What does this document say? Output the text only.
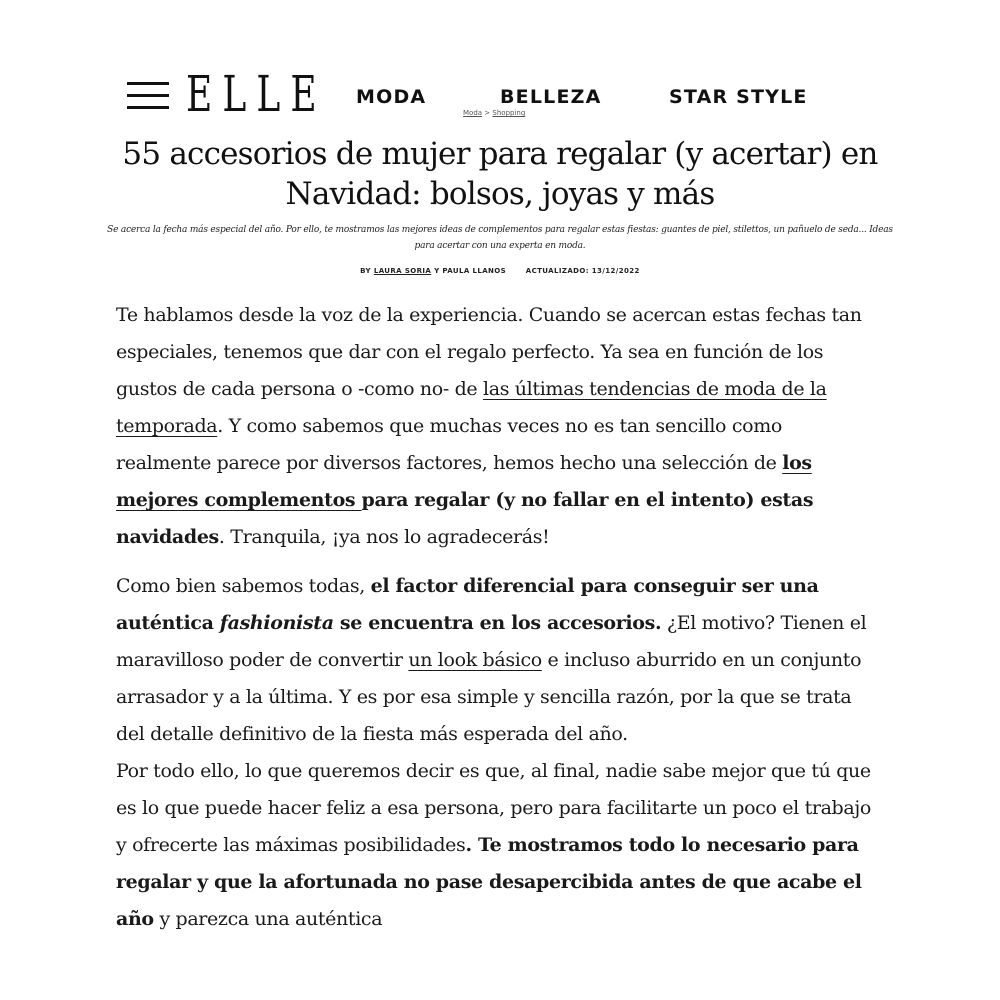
ELLE MODA	BELLEZA	STAR STYLE
Moda > Shopping
55 accesorios de mujer para regalar (y acertar) en Navidad: bolsos, joyas y más
Se acerca la fecha más especial del año. Por ello, te mostramos las mejores ideas de complementos para regalar estas fiestas: guantes de piel, stilettos, un pañuelo de seda... Ideas para acertar con una experta en moda.
BY LAURA SORIA Y PAULA LLANOS	ACTUALIZADO: 13/12/2022

Te hablamos desde la voz de la experiencia. Cuando se acercan estas fechas tan especiales, tenemos que dar con el regalo perfecto. Ya sea en función de los gustos de cada persona o -como no- de las últimas tendencias de moda de la temporada. Y como sabemos que muchas veces no es tan sencillo como realmente parece por diversos factores, hemos hecho una selección de los mejores complementos para regalar (y no fallar en el intento) estas navidades. Tranquila, ¡ya nos lo agradecerás!

Como bien sabemos todas, el factor diferencial para conseguir ser una auténtica fashionista se encuentra en los accesorios. ¿El motivo? Tienen el maravilloso poder de convertir un look básico e incluso aburrido en un conjunto arrasador y a la última. Y es por esa simple y sencilla razón, por la que se trata del detalle definitivo de la fiesta más esperada del año.

Por todo ello, lo que queremos decir es que, al final, nadie sabe mejor que tú que es lo que puede hacer feliz a esa persona, pero para facilitarte un poco el trabajo y ofrecerte las máximas posibilidades. Te mostramos todo lo necesario para regalar y que la afortunada no pase desapercibida antes de que acabe el año y parezca una auténtica
